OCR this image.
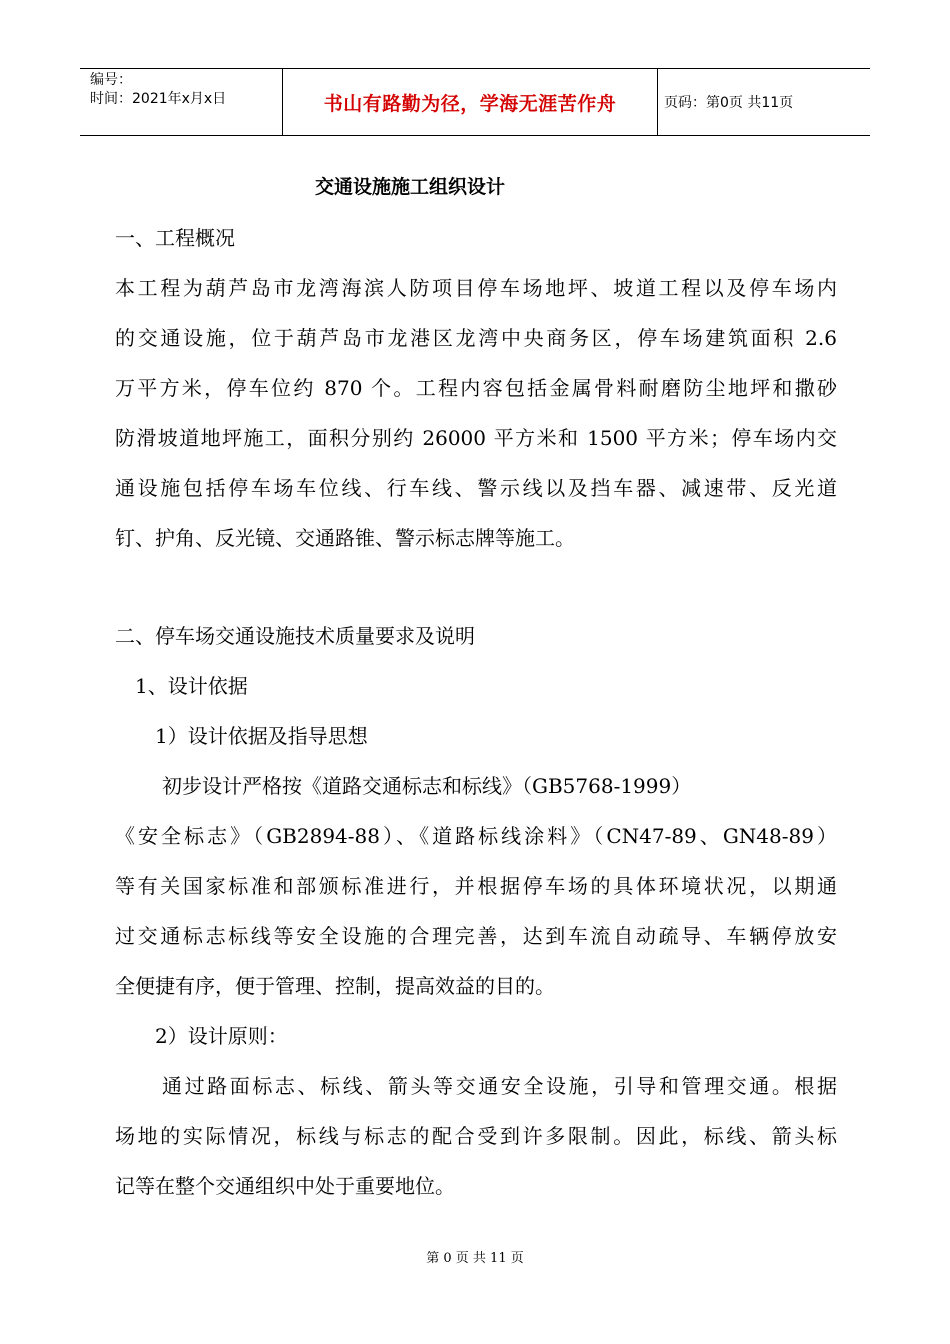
编号：
时间：2021年x月x日	书山有路勤为径，学海无涯苦作舟	页码：第0页 共11页
交通设施施工组织设计
一、工程概况
本工程为葫芦岛市龙湾海滨人防项目停车场地坪、坡道工程以及停车场内
的交通设施，位于葫芦岛市龙港区龙湾中央商务区，停车场建筑面积 2.6
万平方米，停车位约 870 个。工程内容包括金属骨料耐磨防尘地坪和撒砂
防滑坡道地坪施工，面积分别约 26000 平方米和 1500 平方米；停车场内交
通设施包括停车场车位线、行车线、警示线以及挡车器、减速带、反光道
钉、护角、反光镜、交通路锥、警示标志牌等施工。
二、停车场交通设施技术质量要求及说明
1、设计依据
1）设计依据及指导思想
初步设计严格按《道路交通标志和标线》（GB5768-1999）
《安全标志》（GB2894-88）、《道路标线涂料》（CN47-89、GN48-89）
等有关国家标准和部颁标准进行，并根据停车场的具体环境状况，以期通
过交通标志标线等安全设施的合理完善，达到车流自动疏导、车辆停放安
全便捷有序，便于管理、控制，提高效益的目的。
2）设计原则：
通过路面标志、标线、箭头等交通安全设施，引导和管理交通。根据
场地的实际情况，标线与标志的配合受到许多限制。因此，标线、箭头标
记等在整个交通组织中处于重要地位。
第 0 页 共 11 页
